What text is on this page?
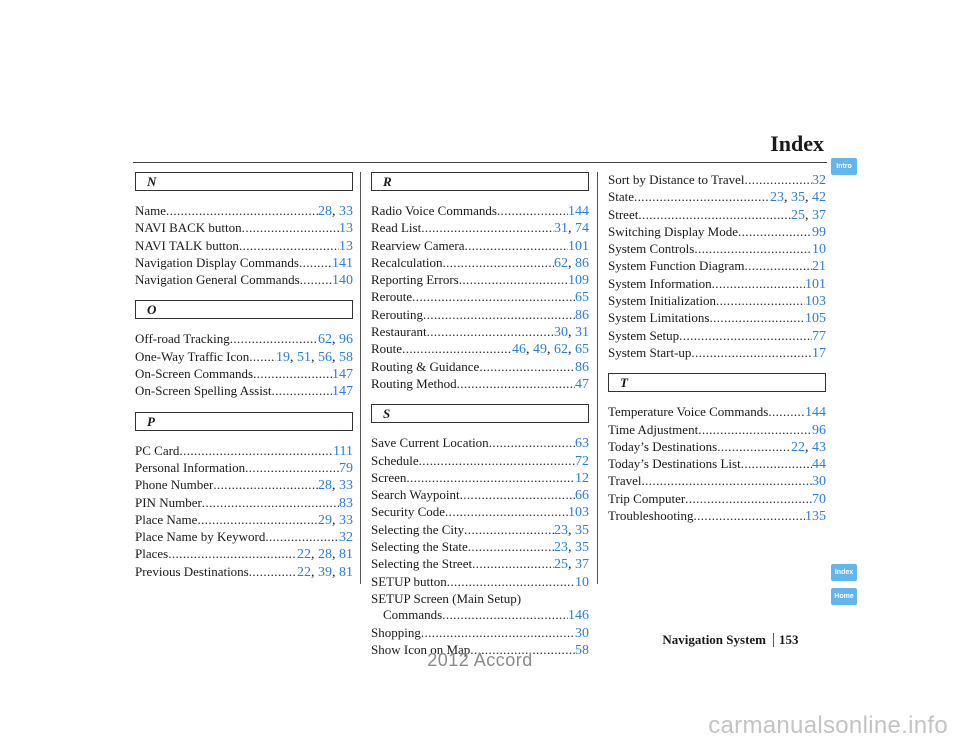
Index
N
Name .....	28, 33
NAVI BACK button .....	13
NAVI TALK button .....	13
Navigation Display Commands ..... 141
Navigation General Commands ..... 140
O
Off-road Tracking .....	62, 96
One-Way Traffic Icon ..... 19, 51, 56, 58
On-Screen Commands .....	147
On-Screen Spelling Assist .....	147
P
PC Card .....	111
Personal Information .....	79
Phone Number .....	28, 33
PIN Number .....	83
Place Name .....	29, 33
Place Name by Keyword .....	32
Places .....	22, 28, 81
Previous Destinations .....	22, 39, 81
R
Radio Voice Commands .....	144
Read List .....	31, 74
Rearview Camera .....	101
Recalculation .....	62, 86
Reporting Errors .....	109
Reroute .....	65
Rerouting .....	86
Restaurant .....	30, 31
Route .....	46, 49, 62, 65
Routing & Guidance .....	86
Routing Method .....	47
S
Save Current Location .....	63
Schedule .....	72
Screen .....	12
Search Waypoint .....	66
Security Code .....	103
Selecting the City .....	23, 35
Selecting the State .....	23, 35
Selecting the Street .....	25, 37
SETUP button .....	10
SETUP Screen (Main Setup)
Commands .....	146
Shopping .....	30
Show Icon on Map .....	58
Sort by Distance to Travel .....	32
State .....	23, 35, 42
Street .....	25, 37
Switching Display Mode .....	99
System Controls .....	10
System Function Diagram .....	21
System Information .....	101
System Initialization .....	103
System Limitations .....	105
System Setup .....	77
System Start-up .....	17
T
Temperature Voice Commands .....	144
Time Adjustment .....	96
Today’s Destinations .....	22, 43
Today’s Destinations List .....	44
Travel .....	30
Trip Computer .....	70
Troubleshooting .....	135
Intro
Index
Home
Navigation System 153
2012 Accord
carmanualsonline.info
